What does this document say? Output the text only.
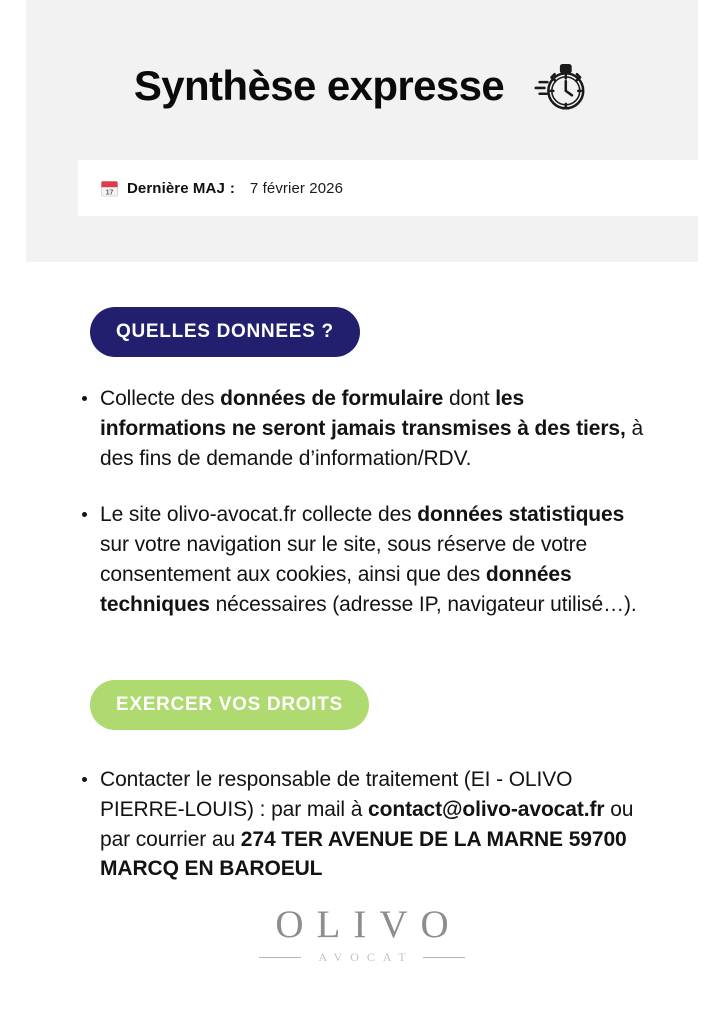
Synthèse expresse
17 Dernière MAJ : 7 février 2026
QUELLES DONNEES ?
Collecte des données de formulaire dont les informations ne seront jamais transmises à des tiers, à des fins de demande d’information/RDV.
Le site olivo-avocat.fr collecte des données statistiques sur votre navigation sur le site, sous réserve de votre consentement aux cookies, ainsi que des données techniques nécessaires (adresse IP, navigateur utilisé…).
EXERCER VOS DROITS
Contacter le responsable de traitement (EI - OLIVO PIERRE-LOUIS) : par mail à contact@olivo-avocat.fr ou par courrier au 274 TER AVENUE DE LA MARNE 59700 MARCQ EN BAROEUL
OLIVO
AVOCAT
